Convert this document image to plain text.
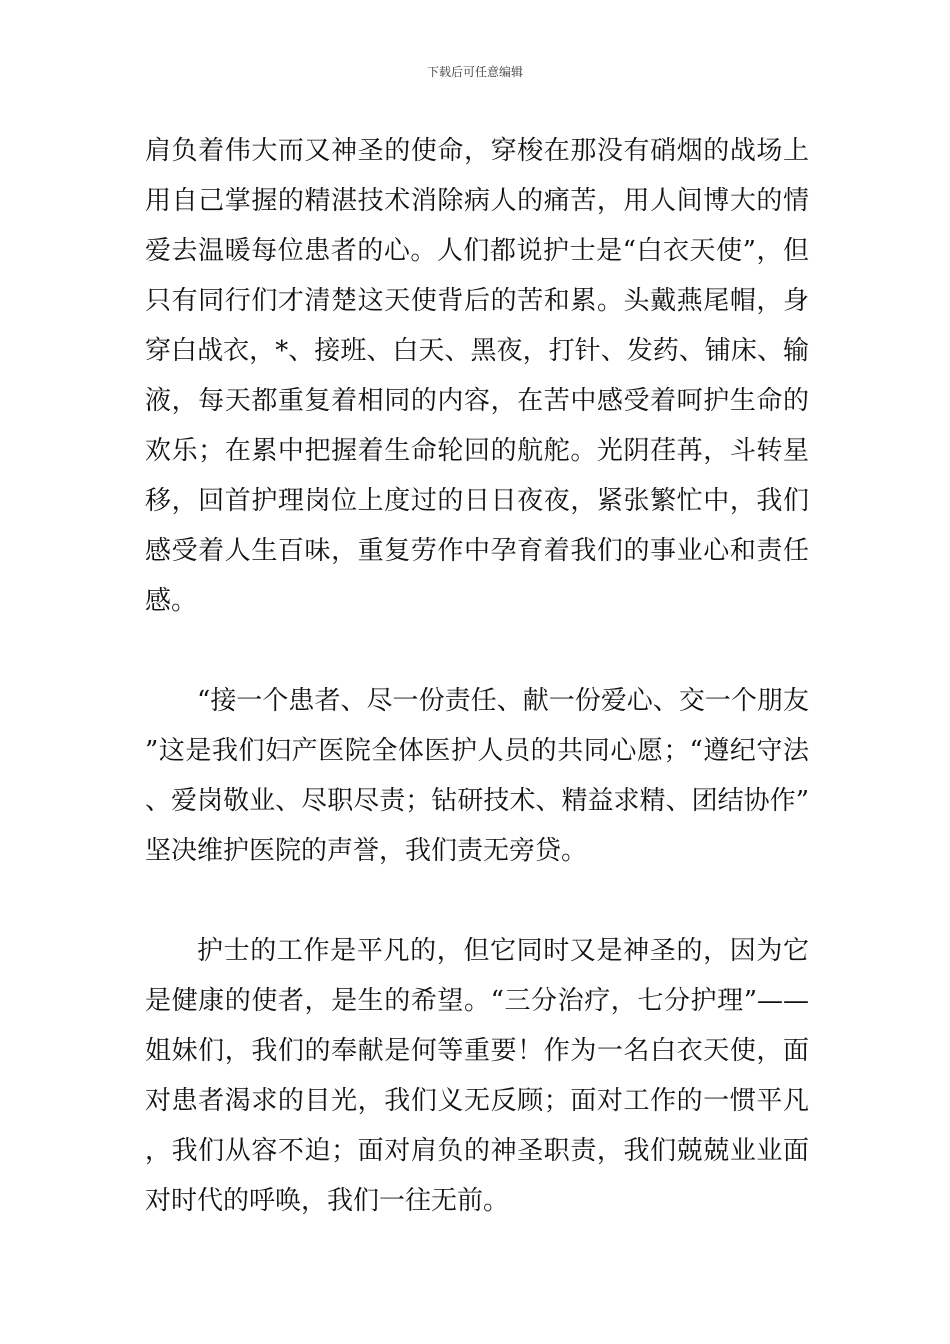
下载后可任意编辑

肩负着伟大而又神圣的使命，穿梭在那没有硝烟的战场上用自己掌握的精湛技术消除病人的痛苦，用人间博大的情爱去温暖每位患者的心。人们都说护士是“白衣天使”，但只有同行们才清楚这天使背后的苦和累。头戴燕尾帽，身穿白战衣，*、接班、白天、黑夜，打针、发药、铺床、输液，每天都重复着相同的内容，在苦中感受着呵护生命的欢乐；在累中把握着生命轮回的航舵。光阴荏苒，斗转星移，回首护理岗位上度过的日日夜夜，紧张繁忙中，我们感受着人生百味，重复劳作中孕育着我们的事业心和责任感。

“接一个患者、尽一份责任、献一份爱心、交一个朋友”这是我们妇产医院全体医护人员的共同心愿；“遵纪守法、爱岗敬业、尽职尽责；钻研技术、精益求精、团结协作”坚决维护医院的声誉，我们责无旁贷。

护士的工作是平凡的，但它同时又是神圣的，因为它是健康的使者，是生的希望。“三分治疗，七分护理”——姐妹们，我们的奉献是何等重要！作为一名白衣天使，面对患者渴求的目光，我们义无反顾；面对工作的一惯平凡，我们从容不迫；面对肩负的神圣职责，我们兢兢业业面对时代的呼唤，我们一往无前。
